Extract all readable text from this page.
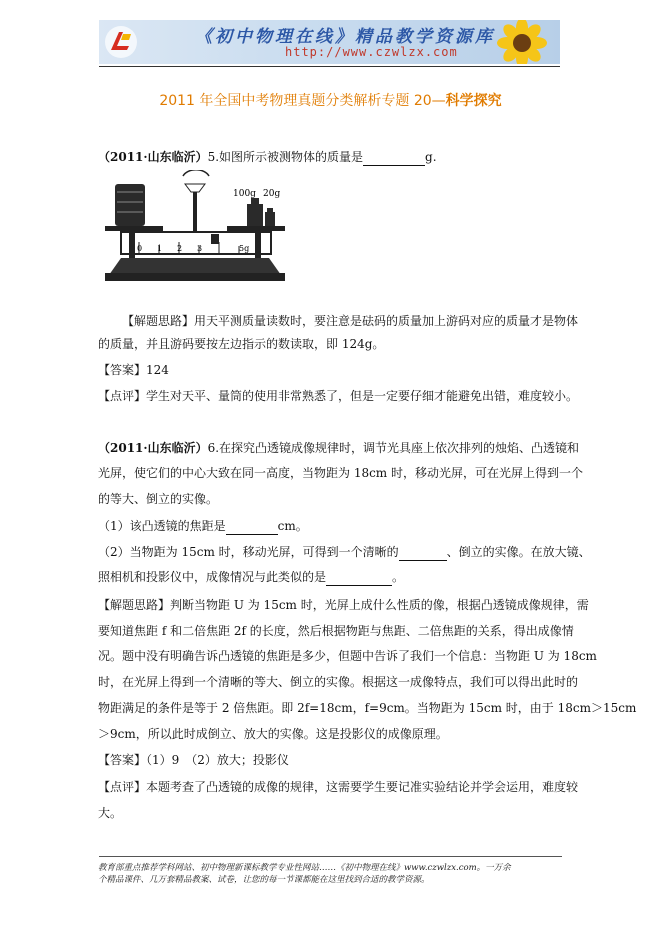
《初中物理在线》精品教学资源库
http://www.czwlzx.com
2011 年全国中考物理真题分类解析专题 20—科学探究
（2011·山东临沂）5.如图所示被测物体的质量是	g.
100g 20g
0 1 2 3	5g
【解题思路】用天平测质量读数时，要注意是砝码的质量加上游码对应的质量才是物体
的质量，并且游码要按左边指示的数读取，即 124g。
【答案】124
【点评】学生对天平、量筒的使用非常熟悉了，但是一定要仔细才能避免出错，难度较小。
（2011·山东临沂）6.在探究凸透镜成像规律时，调节光具座上依次排列的烛焰、凸透镜和
光屏，使它们的中心大致在同一高度，当物距为 18cm 时，移动光屏，可在光屏上得到一个
的等大、倒立的实像。
（1）该凸透镜的焦距是	cm。
（2）当物距为 15cm 时，移动光屏，可得到一个清晰的	、倒立的实像。在放大镜、
照相机和投影仪中，成像情况与此类似的是	。
【解题思路】判断当物距 U 为 15cm 时，光屏上成什么性质的像，根据凸透镜成像规律，需
要知道焦距 f 和二倍焦距 2f 的长度，然后根据物距与焦距、二倍焦距的关系，得出成像情
况。题中没有明确告诉凸透镜的焦距是多少，但题中告诉了我们一个信息：当物距 U 为 18cm
时，在光屏上得到一个清晰的等大、倒立的实像。根据这一成像特点，我们可以得出此时的
物距满足的条件是等于 2 倍焦距。即 2f=18cm，f=9cm。当物距为 15cm 时，由于 18cm＞15cm
＞9cm，所以此时成倒立、放大的实像。这是投影仪的成像原理。
【答案】（1）9　（2）放大；投影仪
【点评】本题考查了凸透镜的成像的规律，这需要学生要记准实验结论并学会运用，难度较
大。
教育部重点推荐学科网站、初中物理新课标教学专业性网站……《初中物理在线》www.czwlzx.com。一万余
个精品课件、几万套精品教案、试卷，让您的每一节课都能在这里找到合适的教学资源。
